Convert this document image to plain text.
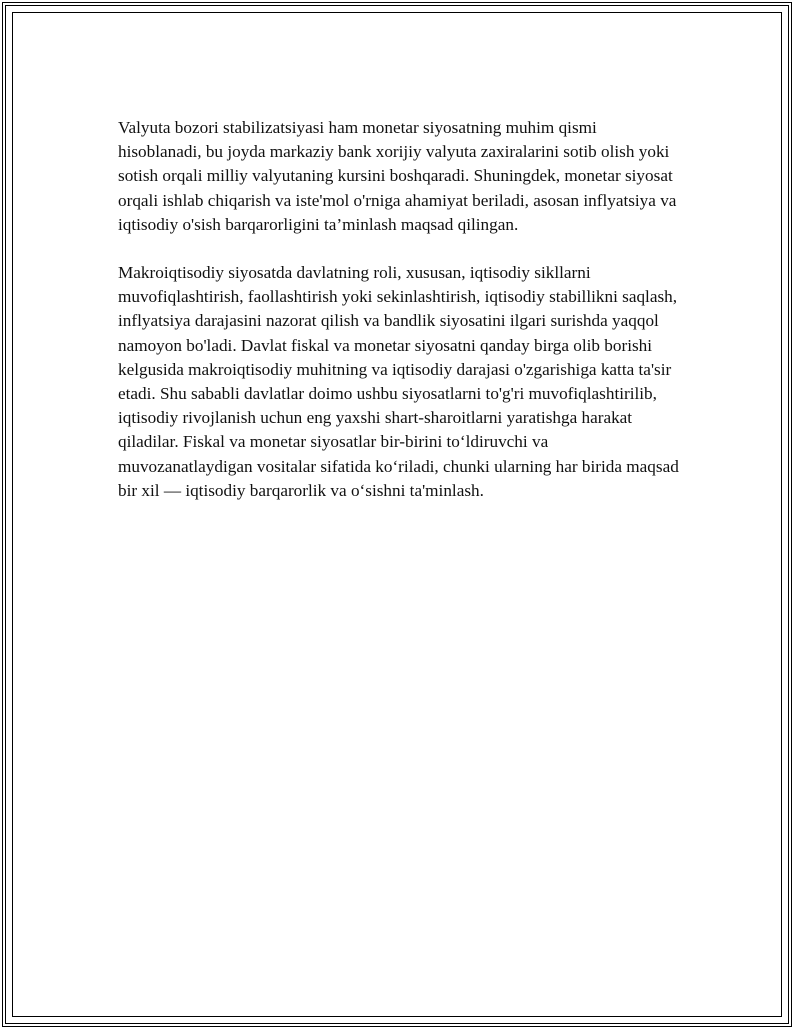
Valyuta bozori stabilizatsiyasi ham monetar siyosatning muhim qismi hisoblanadi, bu joyda markaziy bank xorijiy valyuta zaxiralarini sotib olish yoki sotish orqali milliy valyutaning kursini boshqaradi. Shuningdek, monetar siyosat orqali ishlab chiqarish va iste'mol o'rniga ahamiyat beriladi, asosan inflyatsiya va iqtisodiy o'sish barqarorligini ta’minlash maqsad qilingan.

Makroiqtisodiy siyosatda davlatning roli, xususan, iqtisodiy sikllarni muvofiqlashtirish, faollashtirish yoki sekinlashtirish, iqtisodiy stabillikni saqlash, inflyatsiya darajasini nazorat qilish va bandlik siyosatini ilgari surishda yaqqol namoyon bo'ladi. Davlat fiskal va monetar siyosatni qanday birga olib borishi kelgusida makroiqtisodiy muhitning va iqtisodiy darajasi o'zgarishiga katta ta'sir etadi. Shu sababli davlatlar doimo ushbu siyosatlarni to'g'ri muvofiqlashtirilib, iqtisodiy rivojlanish uchun eng yaxshi shart-sharoitlarni yaratishga harakat qiladilar. Fiskal va monetar siyosatlar bir-birini to‘ldiruvchi va muvozanatlaydigan vositalar sifatida ko‘riladi, chunki ularning har birida maqsad bir xil — iqtisodiy barqarorlik va o‘sishni ta'minlash.
